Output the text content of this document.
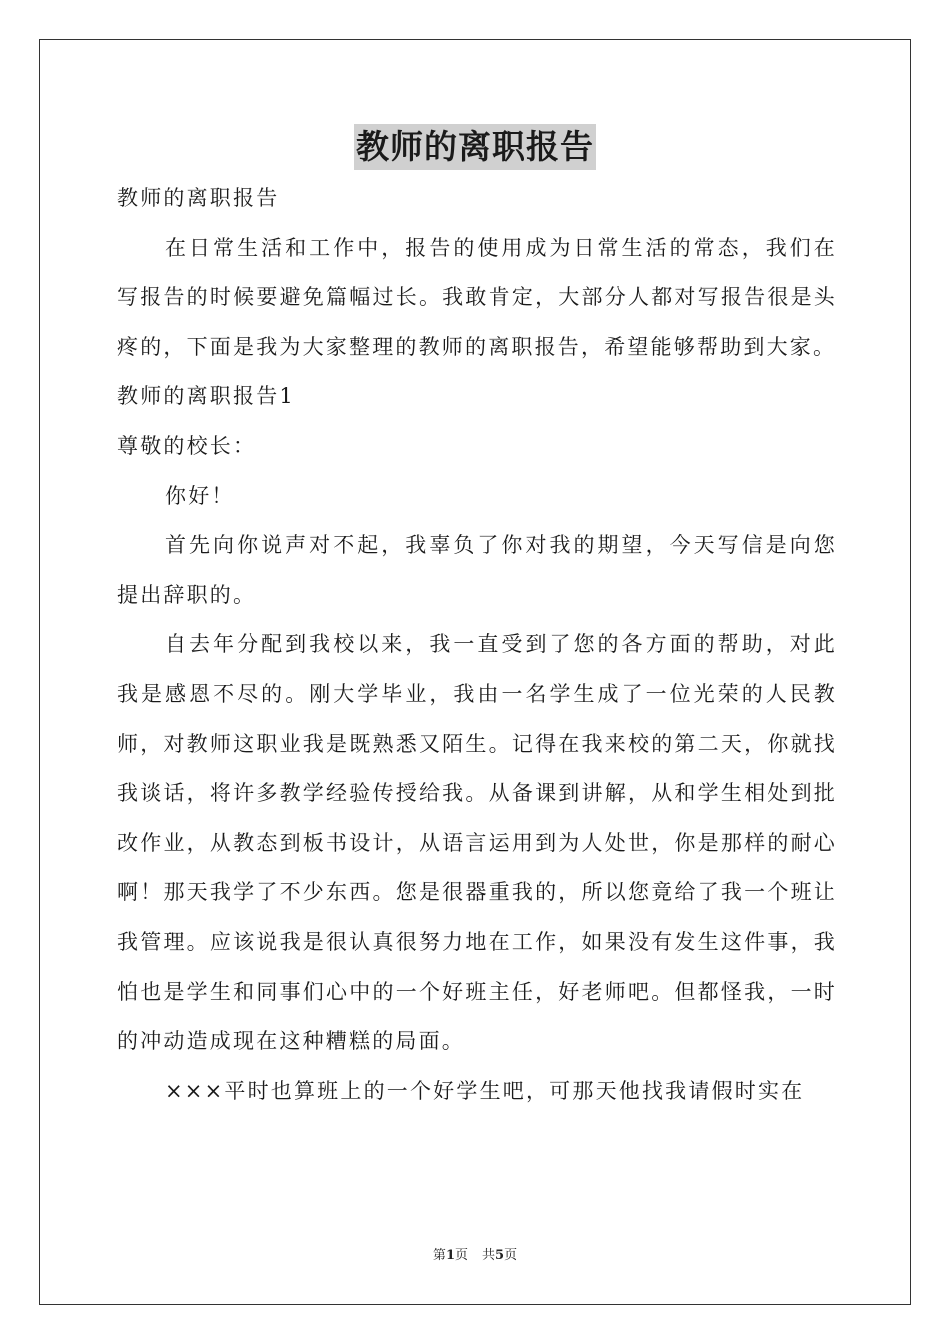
教师的离职报告

教师的离职报告

在日常生活和工作中，报告的使用成为日常生活的常态，我们在写报告的时候要避免篇幅过长。我敢肯定，大部分人都对写报告很是头疼的，下面是我为大家整理的教师的离职报告，希望能够帮助到大家。

教师的离职报告1

尊敬的校长：

你好！

首先向你说声对不起，我辜负了你对我的期望，今天写信是向您提出辞职的。

自去年分配到我校以来，我一直受到了您的各方面的帮助，对此我是感恩不尽的。刚大学毕业，我由一名学生成了一位光荣的人民教师，对教师这职业我是既熟悉又陌生。记得在我来校的第二天，你就找我谈话，将许多教学经验传授给我。从备课到讲解，从和学生相处到批改作业，从教态到板书设计，从语言运用到为人处世，你是那样的耐心啊！那天我学了不少东西。您是很器重我的，所以您竟给了我一个班让我管理。应该说我是很认真很努力地在工作，如果没有发生这件事，我怕也是学生和同事们心中的一个好班主任，好老师吧。但都怪我，一时的冲动造成现在这种糟糕的局面。

×××平时也算班上的一个好学生吧，可那天他找我请假时实在

第1页 共5页
